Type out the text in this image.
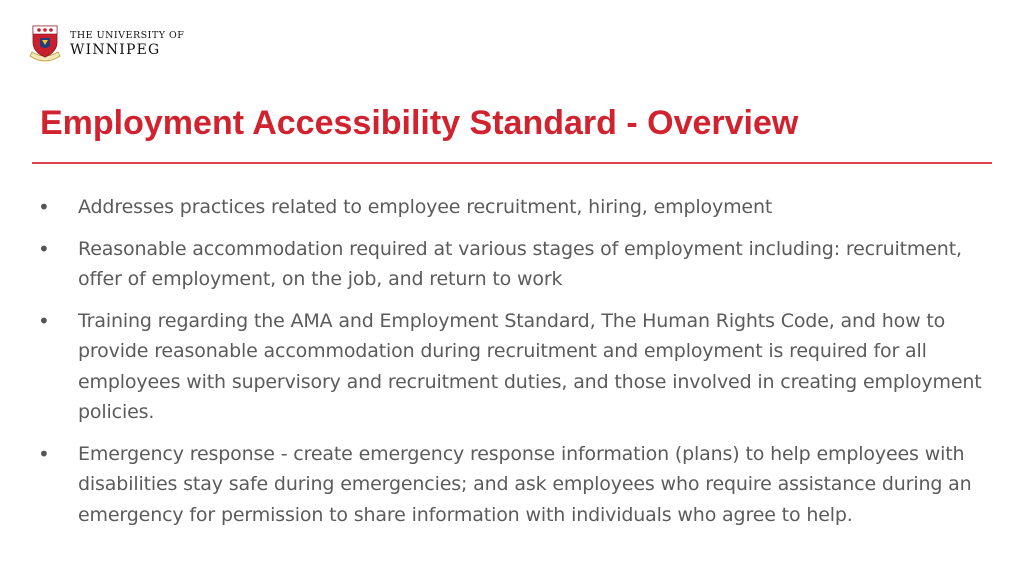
THE UNIVERSITY OF
WINNIPEG
Employment Accessibility Standard - Overview
•	Addresses practices related to employee recruitment, hiring, employment
•	Reasonable accommodation required at various stages of employment including: recruitment, offer of employment, on the job, and return to work
•	Training regarding the AMA and Employment Standard, The Human Rights Code, and how to provide reasonable accommodation during recruitment and employment is required for all employees with supervisory and recruitment duties, and those involved in creating employment policies.
•	Emergency response - create emergency response information (plans) to help employees with disabilities stay safe during emergencies; and ask employees who require assistance during an emergency for permission to share information with individuals who agree to help.
